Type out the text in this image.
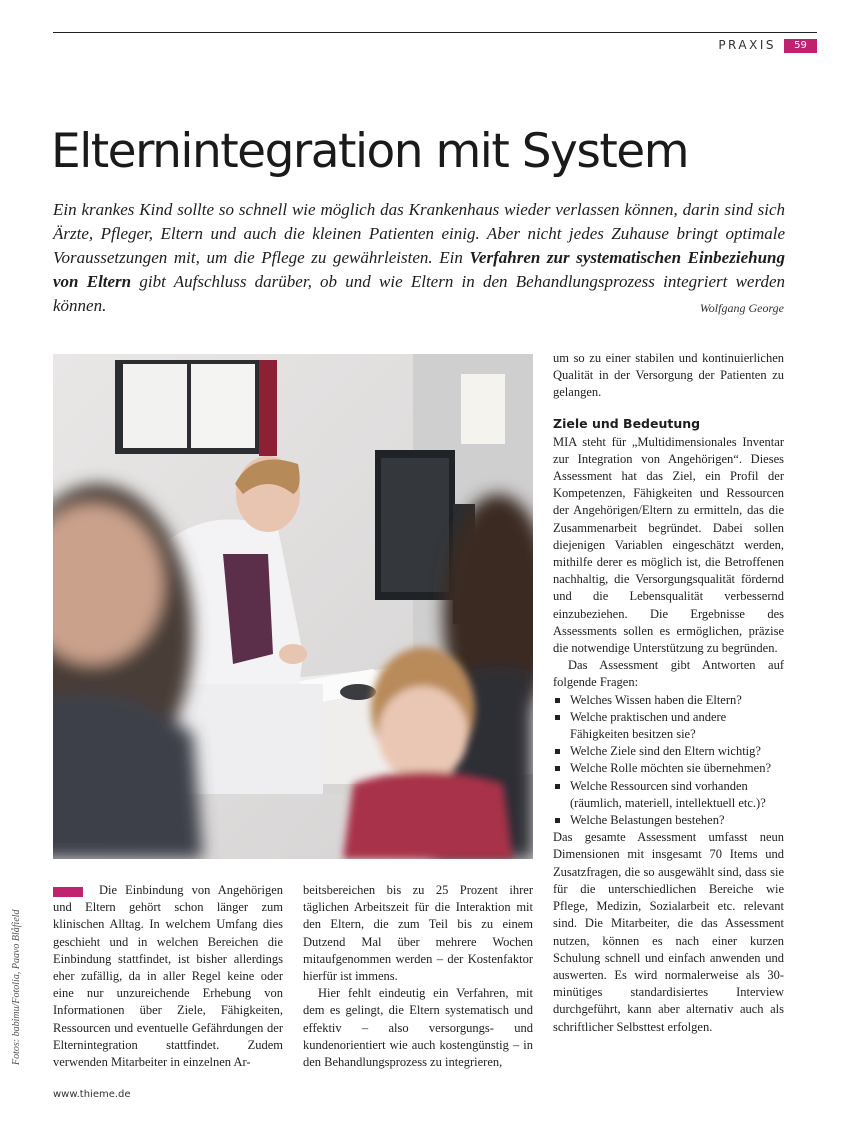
PRAXIS	59
Elternintegration mit System
Ein krankes Kind sollte so schnell wie möglich das Krankenhaus wieder verlassen können, darin sind sich Ärzte, Pfleger, Eltern und auch die kleinen Patienten einig. Aber nicht jedes Zuhause bringt optimale Voraussetzungen mit, um die Pflege zu gewährleisten. Ein Verfahren zur systematischen Einbeziehung von Eltern gibt Aufschluss darüber, ob und wie Eltern in den Behandlungsprozess integriert werden können.	Wolfgang George
Fotos: babimu/Fotolia, Paavo Blåfield

Die Einbindung von Angehörigen und Eltern gehört schon länger zum klinischen Alltag. In welchem Umfang dies geschieht und in welchen Bereichen die Einbindung stattfindet, ist bisher allerdings eher zufällig, da in aller Regel keine oder eine nur unzureichende Erhebung von Informationen über Ziele, Fähigkeiten, Ressourcen und eventuelle Gefährdungen der Elternintegration stattfindet. Zudem verwenden Mitarbeiter in einzelnen Ar-

beitsbereichen bis zu 25 Prozent ihrer täglichen Arbeitszeit für die Interaktion mit den Eltern, die zum Teil bis zu einem Dutzend Mal über mehrere Wochen mitaufgenommen werden – der Kostenfaktor hierfür ist immens.

Hier fehlt eindeutig ein Verfahren, mit dem es gelingt, die Eltern systematisch und effektiv – also versorgungs- und kundenorientiert wie auch kostengünstig – in den Behandlungsprozess zu integrieren,

um so zu einer stabilen und kontinuierlichen Qualität in der Versorgung der Patienten zu gelangen.

Ziele und Bedeutung

MIA steht für „Multidimensionales Inventar zur Integration von Angehörigen“. Dieses Assessment hat das Ziel, ein Profil der Kompetenzen, Fähigkeiten und Ressourcen der Angehörigen/Eltern zu ermitteln, das die Zusammenarbeit begründet. Dabei sollen diejenigen Variablen eingeschätzt werden, mithilfe derer es möglich ist, die Betroffenen nachhaltig, die Versorgungsqualität fördernd und die Lebensqualität verbessernd einzubeziehen. Die Ergebnisse des Assessments sollen es ermöglichen, präzise die notwendige Unterstützung zu begründen.

Das Assessment gibt Antworten auf folgende Fragen:

Welches Wissen haben die Eltern?
Welche praktischen und andere Fähigkeiten besitzen sie?
Welche Ziele sind den Eltern wichtig?
Welche Rolle möchten sie übernehmen?
Welche Ressourcen sind vorhanden (räumlich, materiell, intellektuell etc.)?
Welche Belastungen bestehen?

Das gesamte Assessment umfasst neun Dimensionen mit insgesamt 70 Items und Zusatzfragen, die so ausgewählt sind, dass sie für die unterschiedlichen Bereiche wie Pflege, Medizin, Sozialarbeit etc. relevant sind. Die Mitarbeiter, die das Assessment nutzen, können es nach einer kurzen Schulung schnell und einfach anwenden und auswerten. Es wird normalerweise als 30-minütiges standardisiertes Interview durchgeführt, kann aber alternativ auch als schriftlicher Selbsttest erfolgen.

www.thieme.de
